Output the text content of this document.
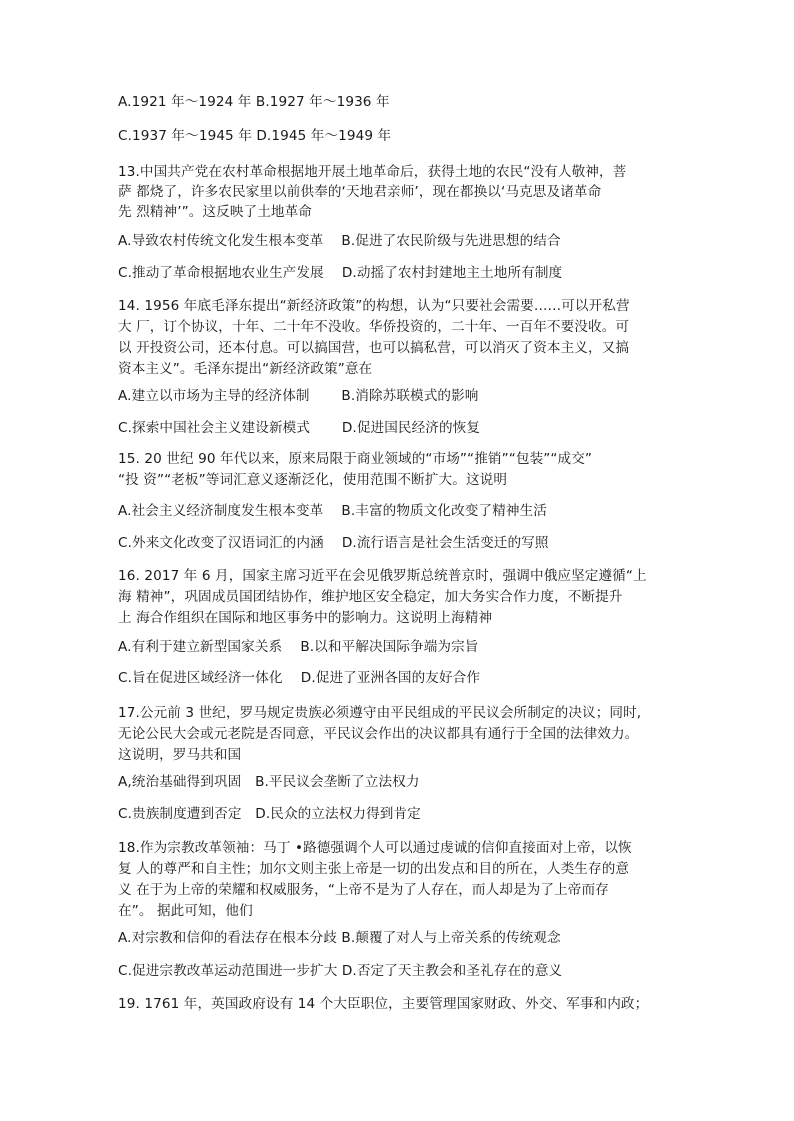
A.1921 年～1924 年 B.1927 年～1936 年
C.1937 年～1945 年 D.1945 年～1949 年
13.中国共产党在农村革命根据地开展土地革命后，获得土地的农民“没有人敬神，菩
萨 都烧了，许多农民家里以前供奉的‘天地君亲师’，现在都换以‘马克思及诸革命
先 烈精神’”。这反映了土地革命
A.导致农村传统文化发生根本变革　 B.促进了农民阶级与先进思想的结合
C.推动了革命根据地农业生产发展　 D.动摇了农村封建地主土地所有制度
14. 1956 年底毛泽东提出“新经济政策”的构想，认为“只要社会需要……可以开私营
大 厂，订个协议，十年、二十年不没收。华侨投资的，二十年、一百年不要没收。可
以 开投资公司，还本付息。可以搞国营，也可以搞私营，可以消灭了资本主义，又搞
资本主义”。毛泽东提出“新经济政策”意在
A.建立以市场为主导的经济体制　　 B.消除苏联模式的影响
C.探索中国社会主义建设新模式　　 D.促进国民经济的恢复
15. 20 世纪 90 年代以来，原来局限于商业领域的“市场”“推销”“包装”“成交”
“投 资”“老板”等词汇意义逐渐泛化，使用范围不断扩大。这说明
A.社会主义经济制度发生根本变革　 B.丰富的物质文化改变了精神生活
C.外来文化改变了汉语词汇的内涵　 D.流行语言是社会生活变迁的写照
16. 2017 年 6 月，国家主席习近平在会见俄罗斯总统普京时，强调中俄应坚定遵循“上
海 精神”，巩固成员国团结协作，维护地区安全稳定，加大务实合作力度，不断提升
上 海合作组织在国际和地区事务中的影响力。这说明上海精神
A.有利于建立新型国家关系　 B.以和平解决国际争端为宗旨
C.旨在促进区域经济一体化　 D.促进了亚洲各国的友好合作
17.公元前 3 世纪，罗马规定贵族必须遵守由平民组成的平民议会所制定的决议；同时,
无论公民大会或元老院是否同意，平民议会作出的决议都具有通行于全国的法律效力。
这说明，罗马共和国
A,统治基础得到巩固　B.平民议会垄断了立法权力
C.贵族制度遭到否定　D.民众的立法权力得到肯定
18.作为宗教改革领袖：马丁 •路德强调个人可以通过虔诚的信仰直接面对上帝，以恢
复 人的尊严和自主性；加尔文则主张上帝是一切的出发点和目的所在，人类生存的意
义 在于为上帝的荣耀和权威服务，“上帝不是为了人存在，而人却是为了上帝而存
在”。 据此可知，他们
A.对宗教和信仰的看法存在根本分歧 B.颠覆了对人与上帝关系的传统观念
C.促进宗教改革运动范围进一步扩大 D.否定了天主教会和圣礼存在的意义
19. 1761 年，英国政府设有 14 个大臣职位，主要管理国家财政、外交、军事和内政；
